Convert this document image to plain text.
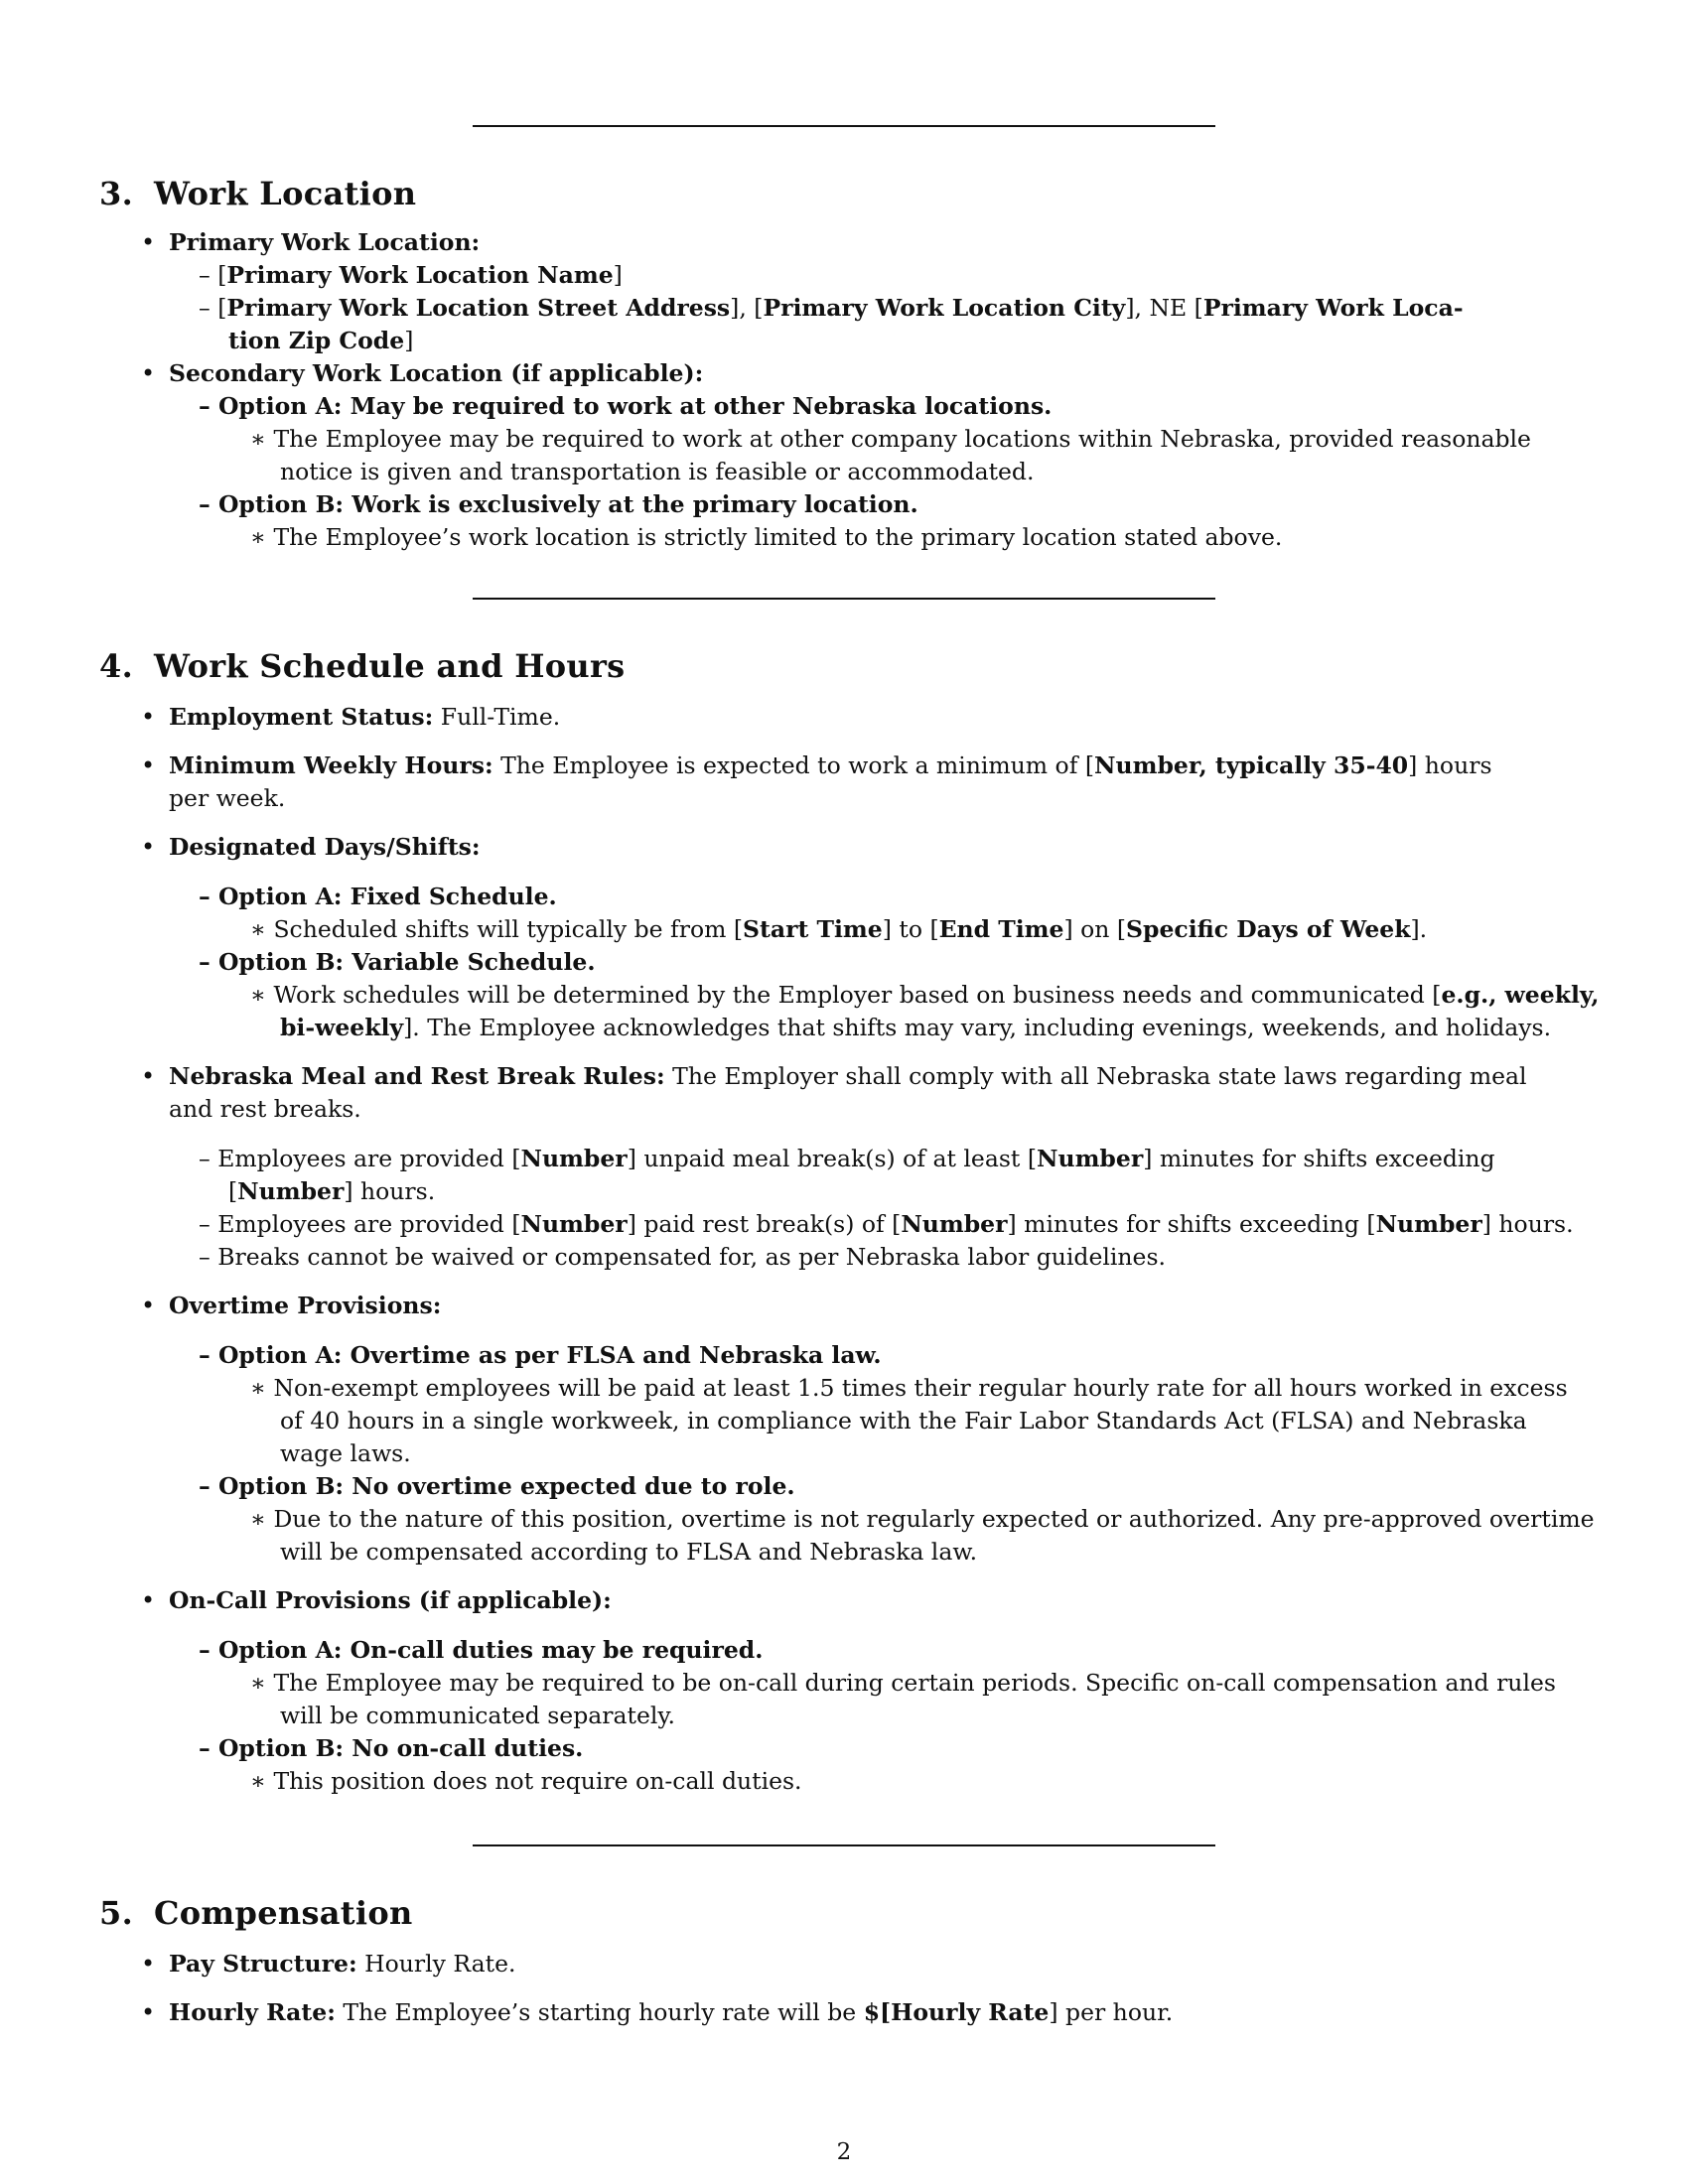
3. Work Location
• Primary Work Location:
– [Primary Work Location Name]
– [Primary Work Location Street Address], [Primary Work Location City], NE [Primary Work Loca-
tion Zip Code]
• Secondary Work Location (if applicable):
– Option A: May be required to work at other Nebraska locations.
∗ The Employee may be required to work at other company locations within Nebraska, provided reasonable
notice is given and transportation is feasible or accommodated.
– Option B: Work is exclusively at the primary location.
∗ The Employee’s work location is strictly limited to the primary location stated above.
4. Work Schedule and Hours
• Employment Status: Full-Time.
• Minimum Weekly Hours: The Employee is expected to work a minimum of [Number, typically 35-40] hours
per week.
• Designated Days/Shifts:
– Option A: Fixed Schedule.
∗ Scheduled shifts will typically be from [Start Time] to [End Time] on [Specific Days of Week].
– Option B: Variable Schedule.
∗ Work schedules will be determined by the Employer based on business needs and communicated [e.g., weekly,
bi-weekly]. The Employee acknowledges that shifts may vary, including evenings, weekends, and holidays.
• Nebraska Meal and Rest Break Rules: The Employer shall comply with all Nebraska state laws regarding meal
and rest breaks.
– Employees are provided [Number] unpaid meal break(s) of at least [Number] minutes for shifts exceeding
[Number] hours.
– Employees are provided [Number] paid rest break(s) of [Number] minutes for shifts exceeding [Number] hours.
– Breaks cannot be waived or compensated for, as per Nebraska labor guidelines.
• Overtime Provisions:
– Option A: Overtime as per FLSA and Nebraska law.
∗ Non-exempt employees will be paid at least 1.5 times their regular hourly rate for all hours worked in excess
of 40 hours in a single workweek, in compliance with the Fair Labor Standards Act (FLSA) and Nebraska
wage laws.
– Option B: No overtime expected due to role.
∗ Due to the nature of this position, overtime is not regularly expected or authorized. Any pre-approved overtime
will be compensated according to FLSA and Nebraska law.
• On-Call Provisions (if applicable):
– Option A: On-call duties may be required.
∗ The Employee may be required to be on-call during certain periods. Specific on-call compensation and rules
will be communicated separately.
– Option B: No on-call duties.
∗ This position does not require on-call duties.
5. Compensation
• Pay Structure: Hourly Rate.
• Hourly Rate: The Employee’s starting hourly rate will be $[Hourly Rate] per hour.
2
